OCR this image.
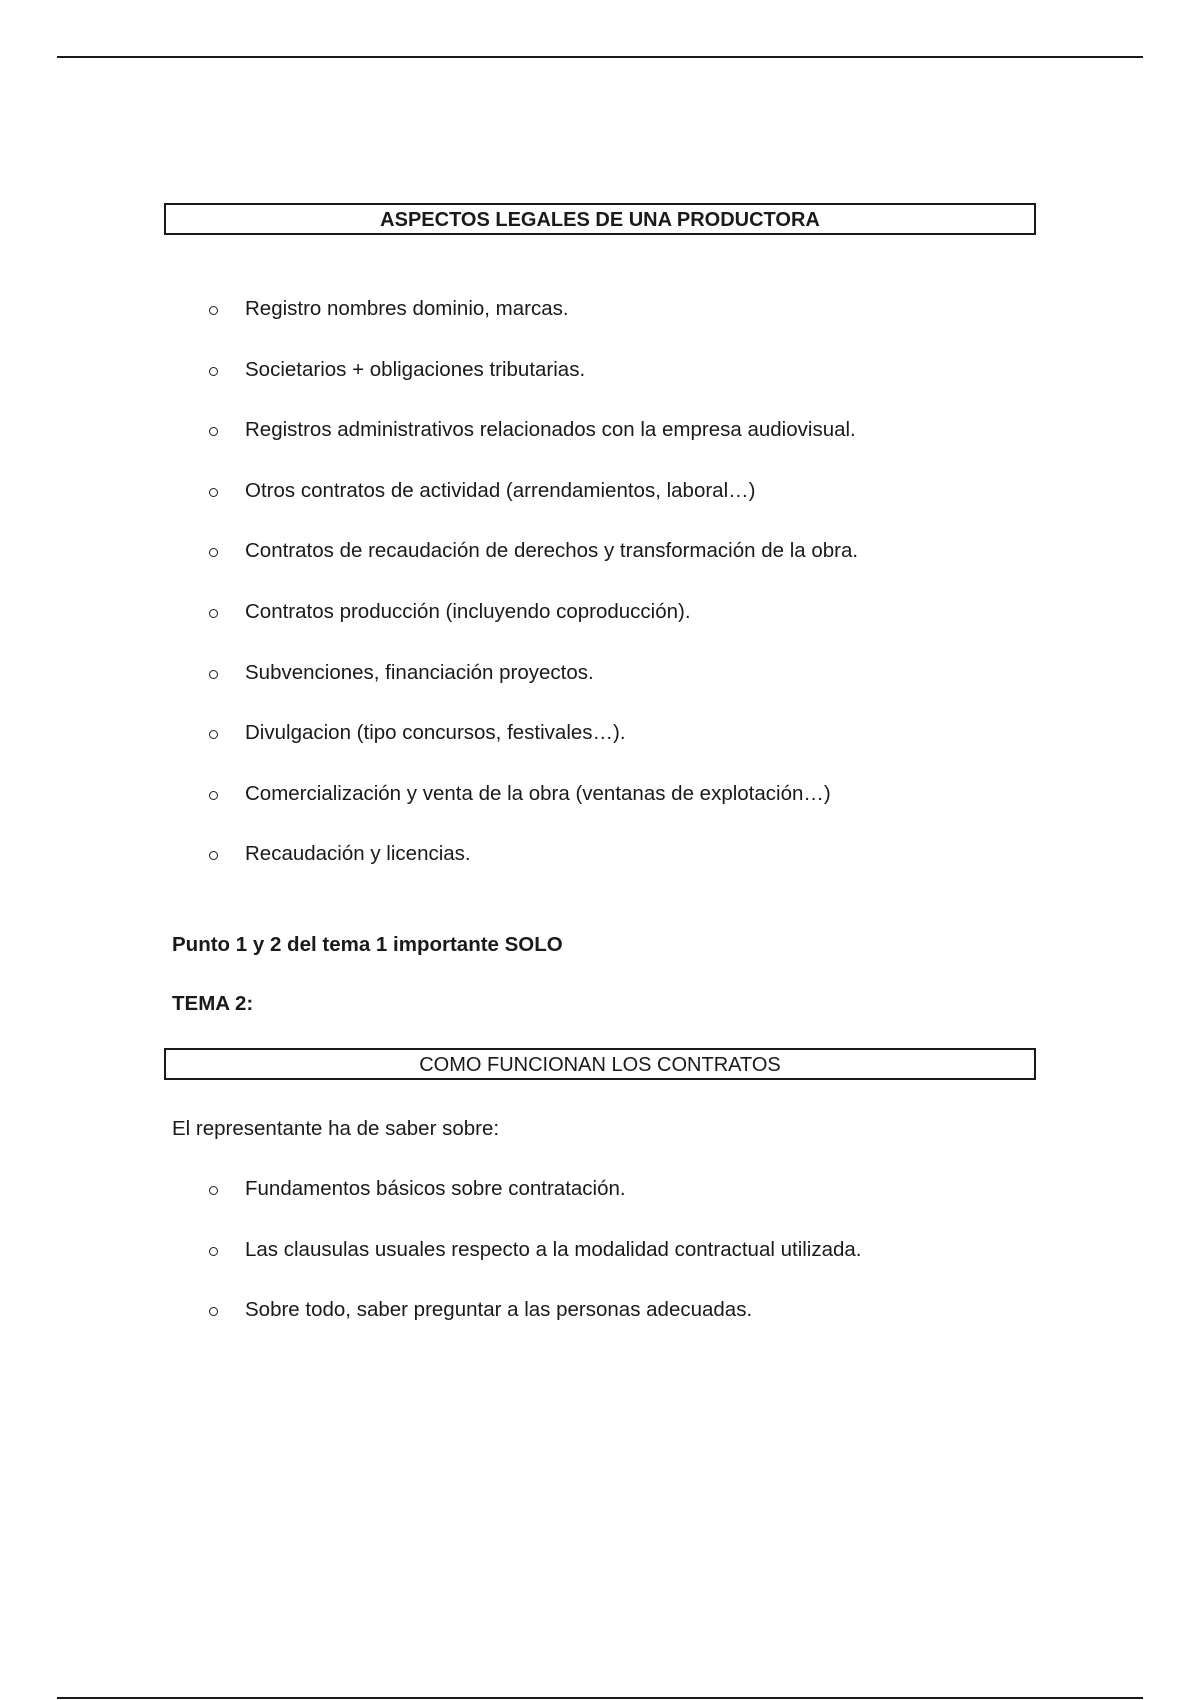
ASPECTOS LEGALES DE UNA PRODUCTORA
Registro nombres dominio, marcas.
Societarios + obligaciones tributarias.
Registros administrativos relacionados con la empresa audiovisual.
Otros contratos de actividad (arrendamientos, laboral…)
Contratos de recaudación de derechos y transformación de la obra.
Contratos producción (incluyendo coproducción).
Subvenciones, financiación proyectos.
Divulgacion (tipo concursos, festivales…).
Comercialización y venta de la obra (ventanas de explotación…)
Recaudación y licencias.
Punto 1 y 2 del tema 1 importante SOLO
TEMA 2:
COMO FUNCIONAN LOS CONTRATOS
El representante ha de saber sobre:
Fundamentos básicos sobre contratación.
Las clausulas usuales respecto a la modalidad contractual utilizada.
Sobre todo, saber preguntar a las personas adecuadas.
